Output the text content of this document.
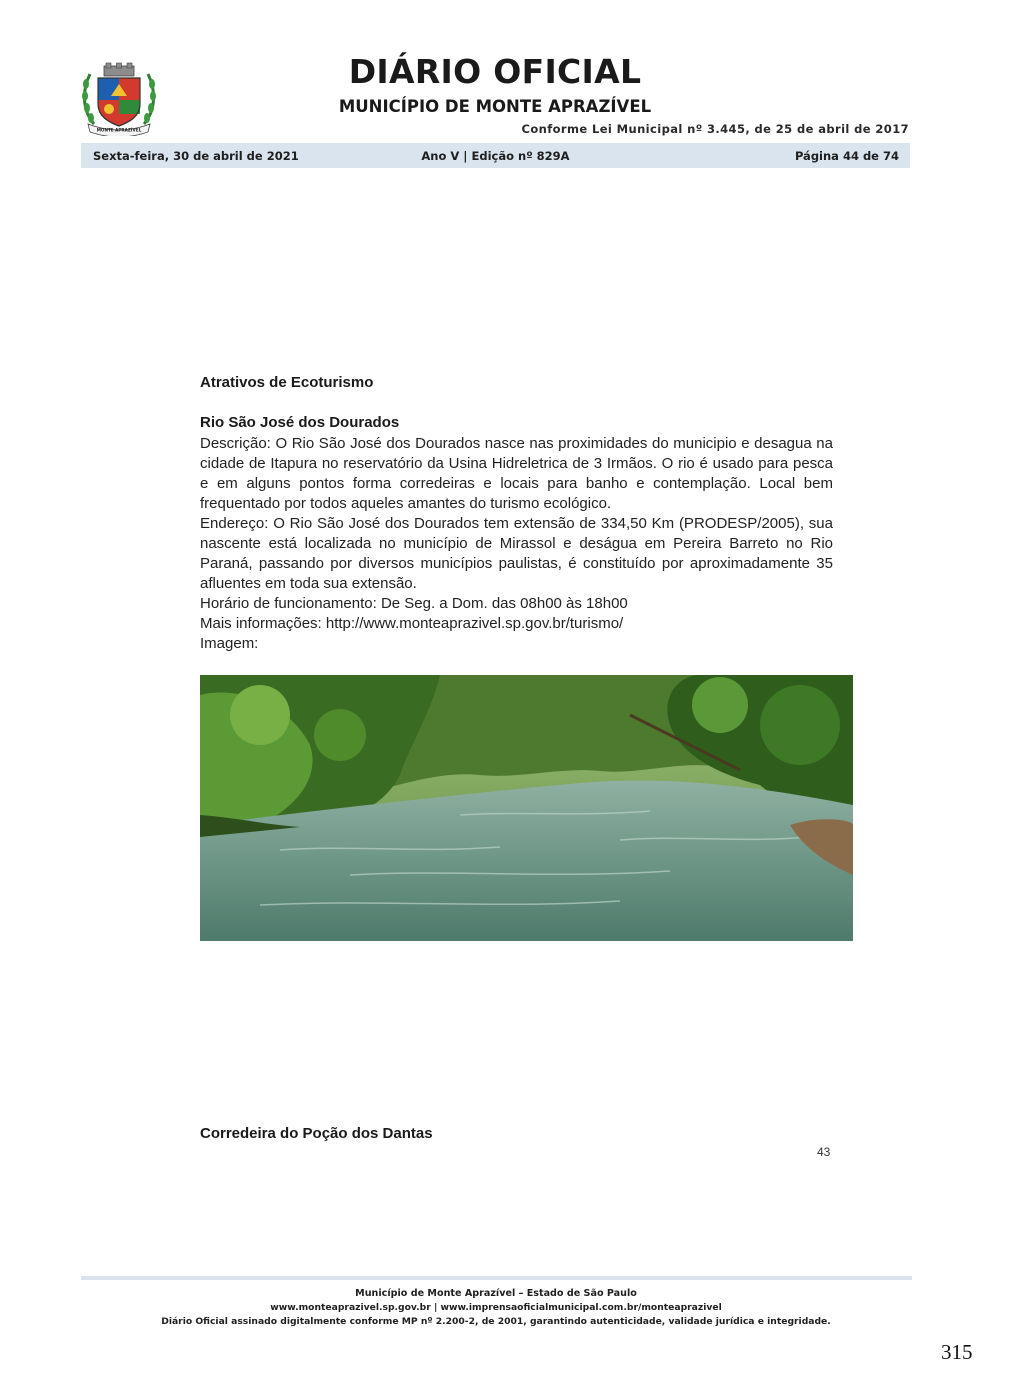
MONTE APRAZÍVEL
DIÁRIO OFICIAL
MUNICÍPIO DE MONTE APRAZÍVEL
Conforme Lei Municipal nº 3.445, de 25 de abril de 2017
Ano V | Edição nº 829A
Sexta-feira, 30 de abril de 2021	Página 44 de 74
Atrativos de Ecoturismo
Rio São José dos Dourados

Descrição: O Rio São José dos Dourados nasce nas proximidades do municipio e desagua na cidade de Itapura no reservatório da Usina Hidreletrica de 3 Irmãos. O rio é usado para pesca e em alguns pontos forma corredeiras e locais para banho e contemplação. Local bem frequentado por todos aqueles amantes do turismo ecológico.

Endereço: O Rio São José dos Dourados tem extensão de 334,50 Km (PRODESP/2005), sua nascente está localizada no município de Mirassol e deságua em Pereira Barreto no Rio Paraná, passando por diversos municípios paulistas, é constituído por aproximadamente 35 afluentes em toda sua extensão.

Horário de funcionamento: De Seg. a Dom. das 08h00 às 18h00

Mais informações: http://www.monteaprazivel.sp.gov.br/turismo/

Imagem:

Corredeira do Poção dos Dantas
43
Município de Monte Aprazível – Estado de São Paulo
www.monteaprazivel.sp.gov.br | www.imprensaoficialmunicipal.com.br/monteaprazivel
Diário Oficial assinado digitalmente conforme MP nº 2.200-2, de 2001, garantindo autenticidade, validade jurídica e integridade.
315
